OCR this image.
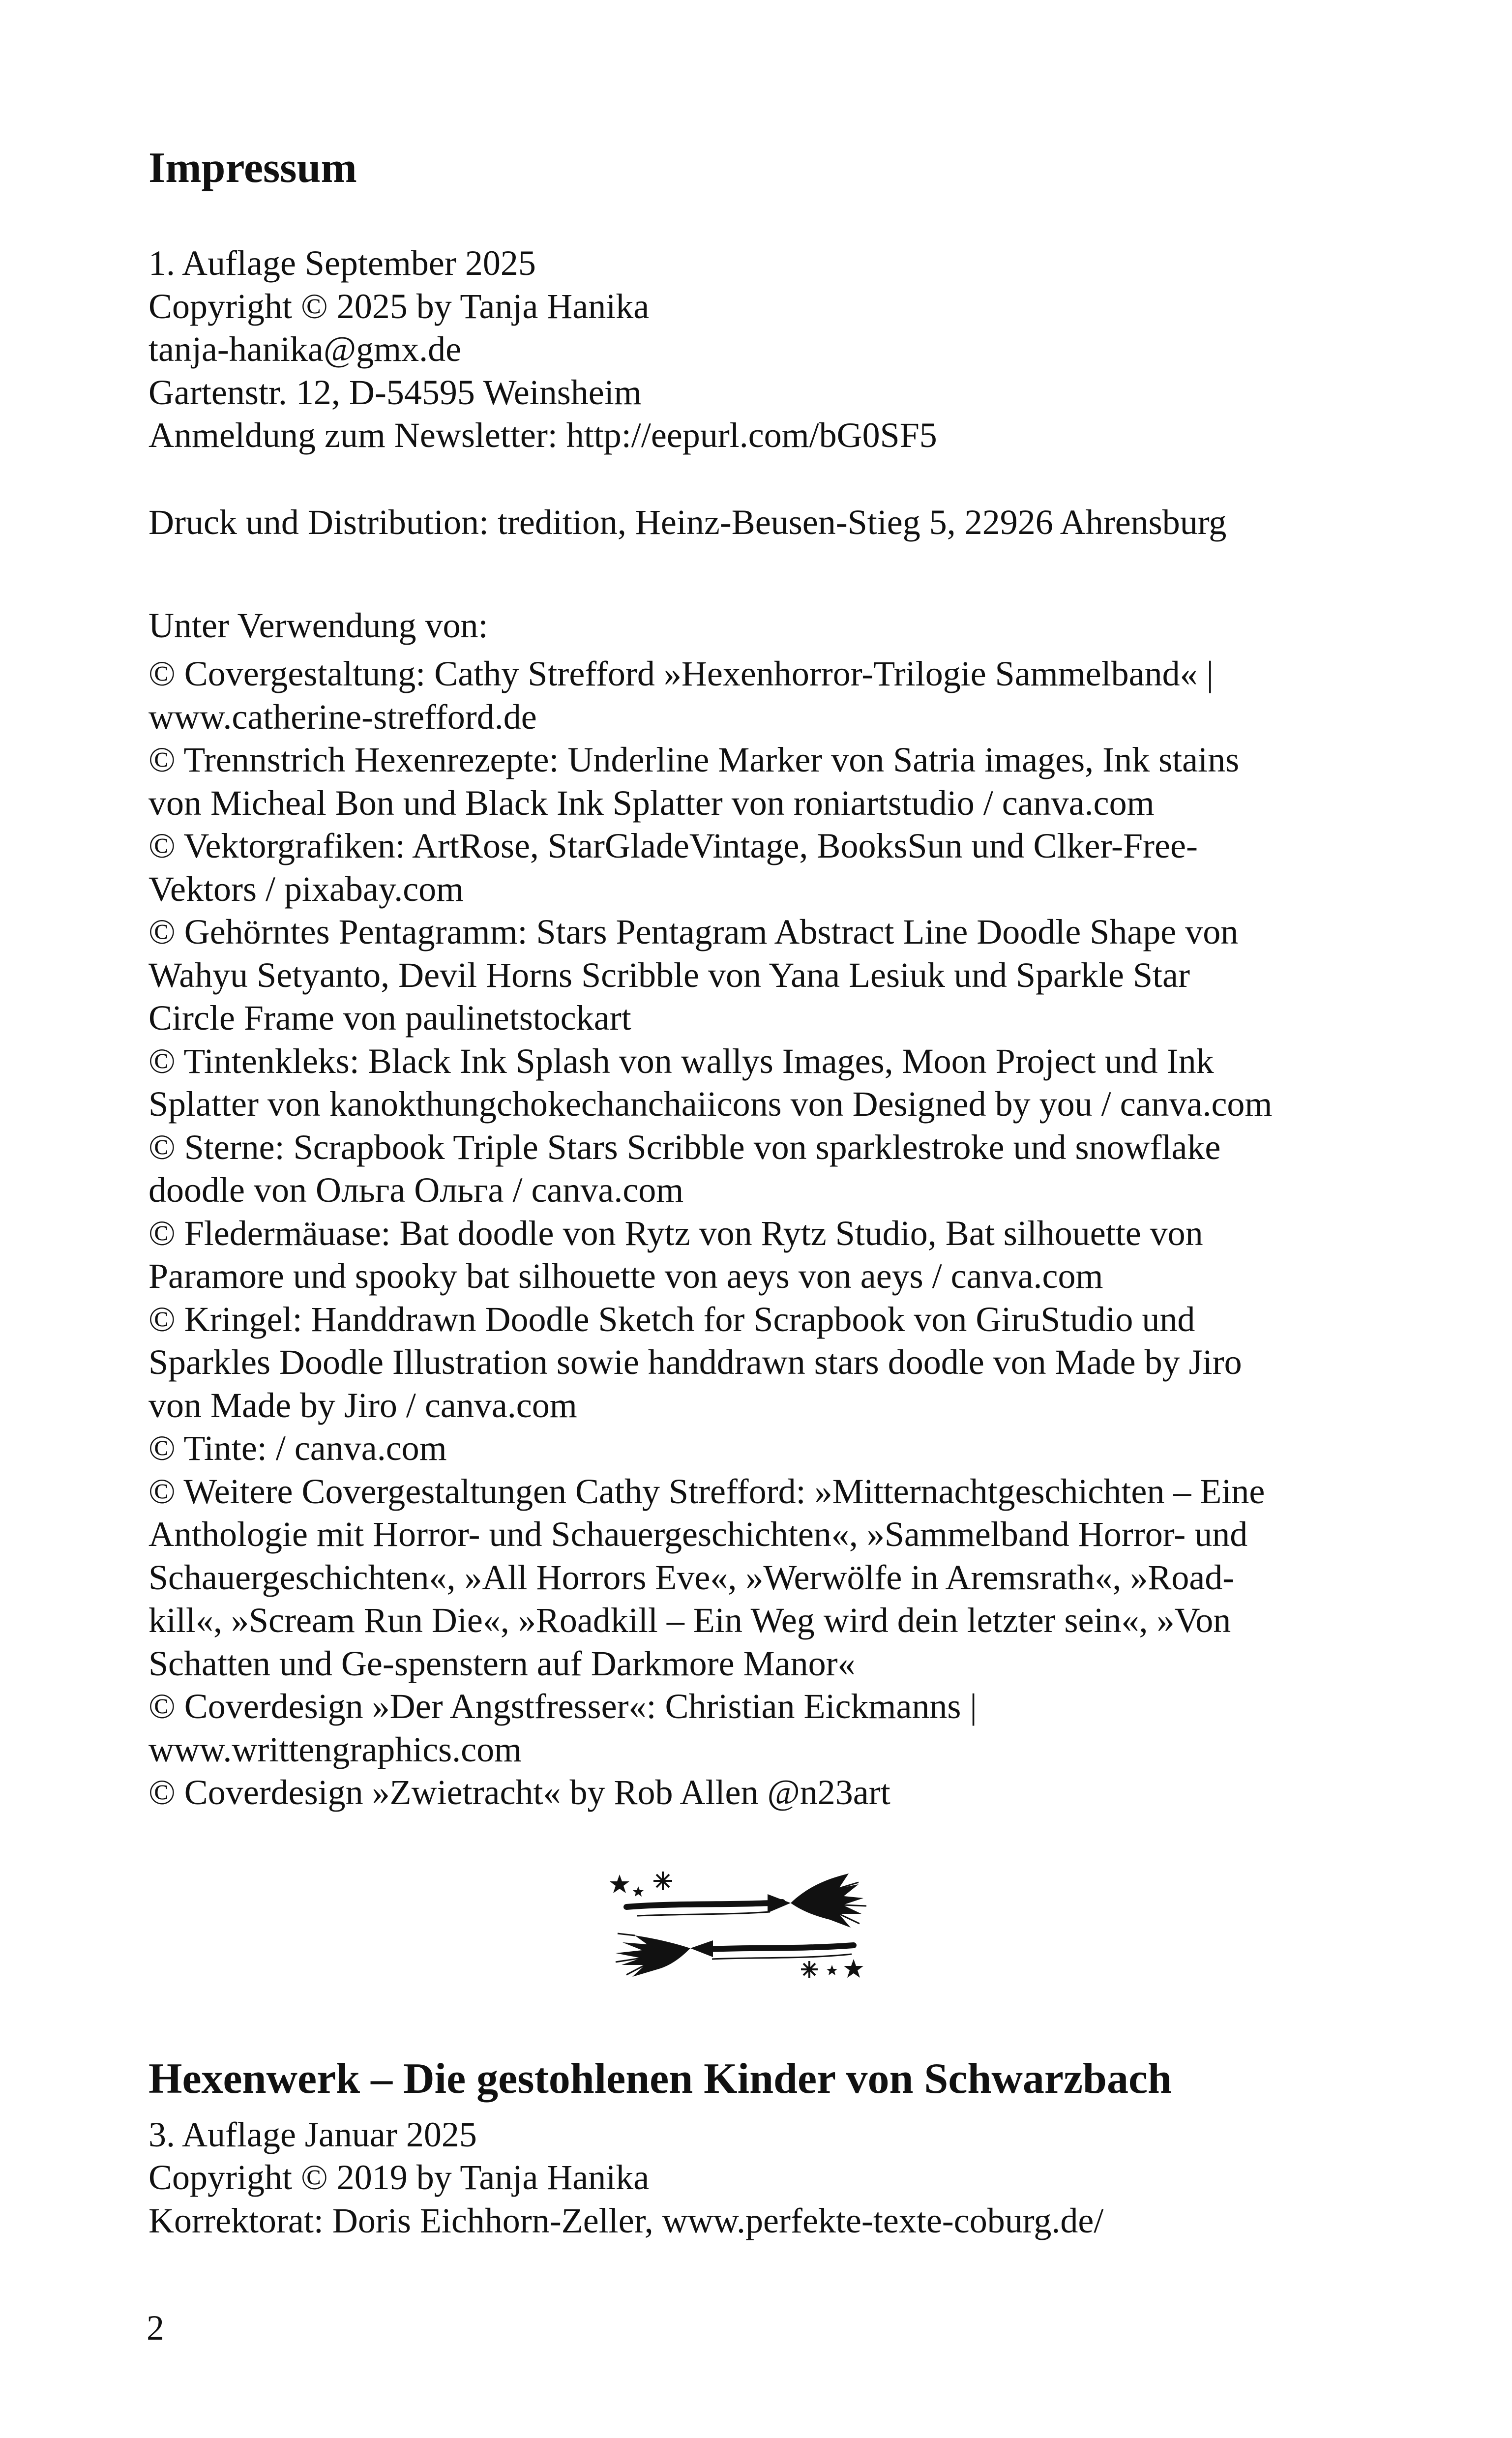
Impressum

1. Auflage September 2025

Copyright © 2025 by Tanja Hanika

tanja-hanika@gmx.de

Gartenstr. 12, D-54595 Weinsheim

Anmeldung zum Newsletter: http://eepurl.com/bG0SF5

Druck und Distribution: tredition, Heinz-Beusen-Stieg 5, 22926 Ahrensburg

Unter Verwendung von:

© Covergestaltung: Cathy Strefford »Hexenhorror-Trilogie Sammelband« |

www.catherine-strefford.de

© Trennstrich Hexenrezepte: Underline Marker von Satria images, Ink stains

von Micheal Bon und Black Ink Splatter von roniartstudio / canva.com

© Vektorgrafiken: ArtRose, StarGladeVintage, BooksSun und Clker-Free-

Vektors / pixabay.com

© Gehörntes Pentagramm: Stars Pentagram Abstract Line Doodle Shape von

Wahyu Setyanto, Devil Horns Scribble von Yana Lesiuk und Sparkle Star

Circle Frame von paulinetstockart

© Tintenkleks: Black Ink Splash von wallys Images, Moon Project und Ink

Splatter von kanokthungchokechanchaiicons von Designed by you / canva.com

© Sterne: Scrapbook Triple Stars Scribble von sparklestroke und snowflake

doodle von Ольга Ольга / canva.com

© Fledermäuase: Bat doodle von Rytz von Rytz Studio, Bat silhouette von

Paramore und spooky bat silhouette von aeys von aeys / canva.com

© Kringel: Handdrawn Doodle Sketch for Scrapbook von GiruStudio und

Sparkles Doodle Illustration sowie handdrawn stars doodle von Made by Jiro

von Made by Jiro / canva.com

© Tinte: / canva.com

© Weitere Covergestaltungen Cathy Strefford: »Mitternachtgeschichten – Eine

Anthologie mit Horror- und Schauergeschichten«, »Sammelband Horror- und

Schauergeschichten«, »All Horrors Eve«, »Werwölfe in Aremsrath«, »Road-

kill«, »Scream Run Die«, »Roadkill – Ein Weg wird dein letzter sein«, »Von

Schatten und Ge-spenstern auf Darkmore Manor«

© Coverdesign »Der Angstfresser«: Christian Eickmanns |

www.writtengraphics.com

© Coverdesign »Zwietracht« by Rob Allen @n23art

Hexenwerk – Die gestohlenen Kinder von Schwarzbach

3. Auflage Januar 2025

Copyright © 2019 by Tanja Hanika

Korrektorat: Doris Eichhorn-Zeller, www.perfekte-texte-coburg.de/

2
